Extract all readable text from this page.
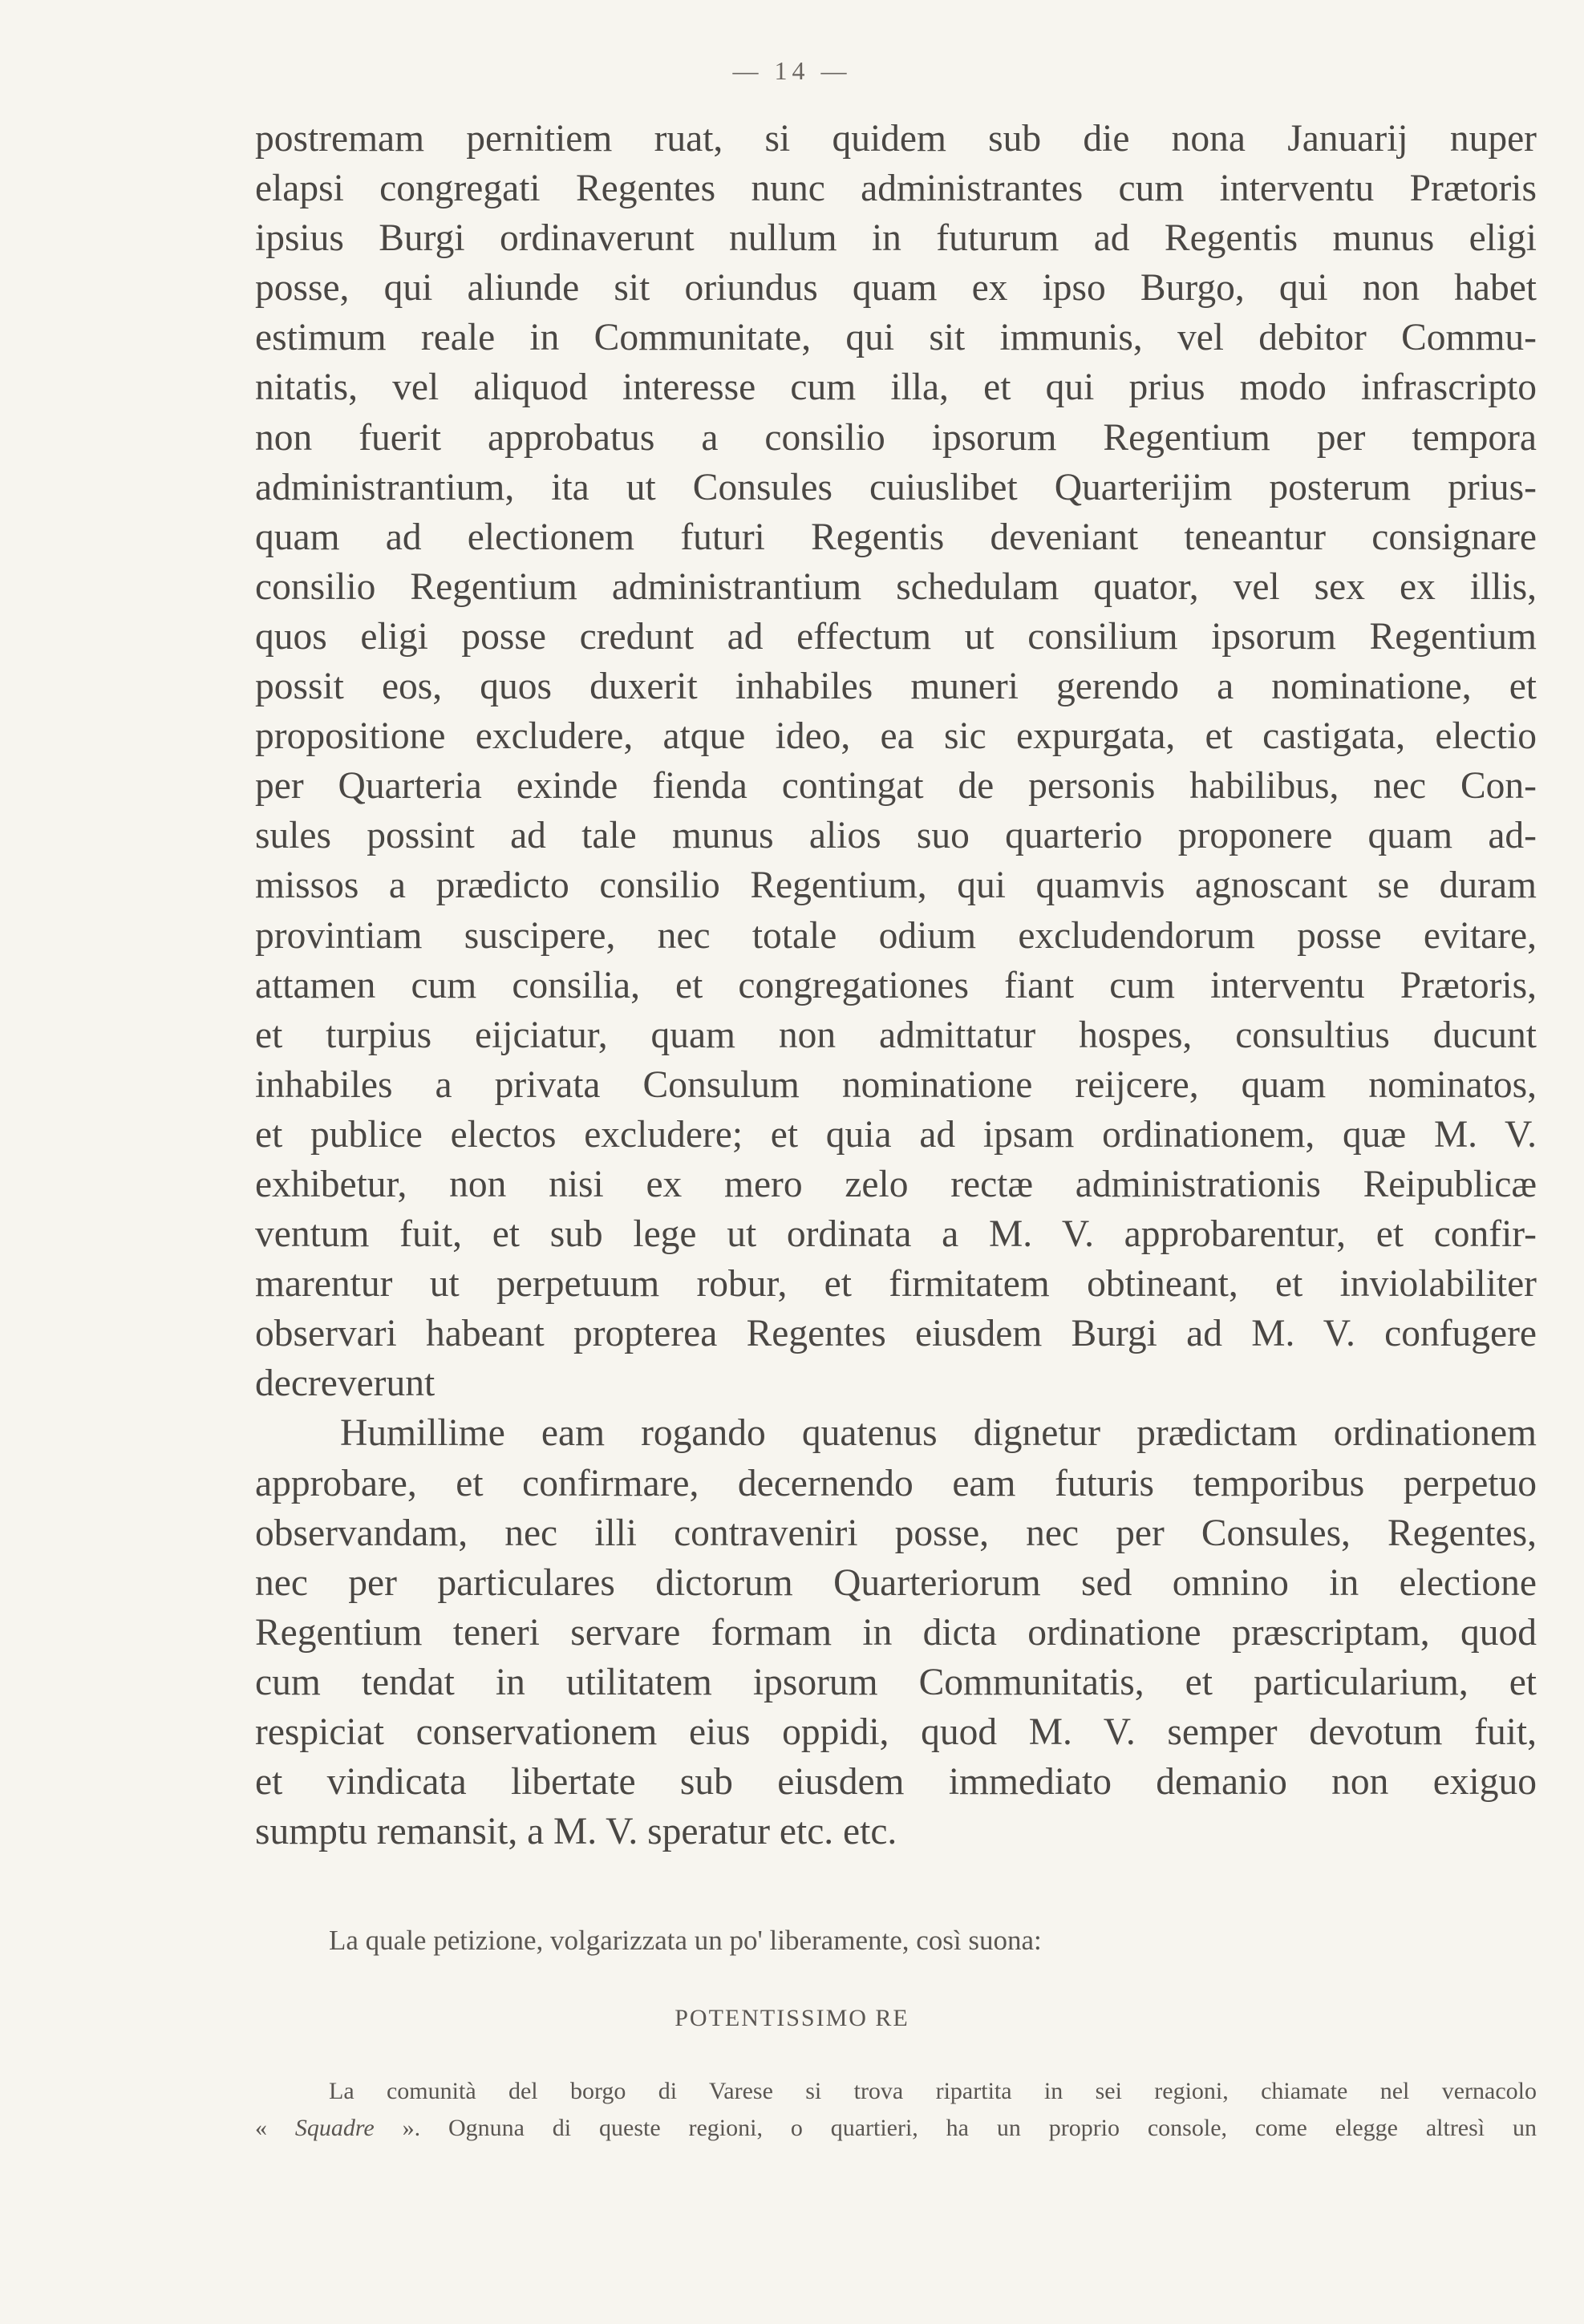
— 14 —
postremam pernitiem ruat, si quidem sub die nona Januarij nuper
elapsi congregati Regentes nunc administrantes cum interventu Prætoris
ipsius Burgi ordinaverunt nullum in futurum ad Regentis munus eligi
posse, qui aliunde sit oriundus quam ex ipso Burgo, qui non habet
estimum reale in Communitate, qui sit immunis, vel debitor Commu-
nitatis, vel aliquod interesse cum illa, et qui prius modo infrascripto
non fuerit approbatus a consilio ipsorum Regentium per tempora
administrantium, ita ut Consules cuiuslibet Quarterijim posterum prius-
quam ad electionem futuri Regentis deveniant teneantur consignare
consilio Regentium administrantium schedulam quator, vel sex ex illis,
quos eligi posse credunt ad effectum ut consilium ipsorum Regentium
possit eos, quos duxerit inhabiles muneri gerendo a nominatione, et
propositione excludere, atque ideo, ea sic expurgata, et castigata, electio
per Quarteria exinde fienda contingat de personis habilibus, nec Con-
sules possint ad tale munus alios suo quarterio proponere quam ad-
missos a prædicto consilio Regentium, qui quamvis agnoscant se duram
provintiam suscipere, nec totale odium excludendorum posse evitare,
attamen cum consilia, et congregationes fiant cum interventu Prætoris,
et turpius eijciatur, quam non admittatur hospes, consultius ducunt
inhabiles a privata Consulum nominatione reijcere, quam nominatos,
et publice electos excludere; et quia ad ipsam ordinationem, quæ M. V.
exhibetur, non nisi ex mero zelo rectæ administrationis Reipublicæ
ventum fuit, et sub lege ut ordinata a M. V. approbarentur, et confir-
marentur ut perpetuum robur, et firmitatem obtineant, et inviolabiliter
observari habeant propterea Regentes eiusdem Burgi ad M. V. confugere
decreverunt
Humillime eam rogando quatenus dignetur prædictam ordinationem
approbare, et confirmare, decernendo eam futuris temporibus perpetuo
observandam, nec illi contraveniri posse, nec per Consules, Regentes,
nec per particulares dictorum Quarteriorum sed omnino in electione
Regentium teneri servare formam in dicta ordinatione præscriptam, quod
cum tendat in utilitatem ipsorum Communitatis, et particularium, et
respiciat conservationem eius oppidi, quod M. V. semper devotum fuit,
et vindicata libertate sub eiusdem immediato demanio non exiguo
sumptu remansit, a M. V. speratur etc. etc.
La quale petizione, volgarizzata un po' liberamente, così suona:
POTENTISSIMO RE
La comunità del borgo di Varese si trova ripartita in sei regioni, chiamate nel vernacolo
« Squadre ». Ognuna di queste regioni, o quartieri, ha un proprio console, come elegge altresì un
